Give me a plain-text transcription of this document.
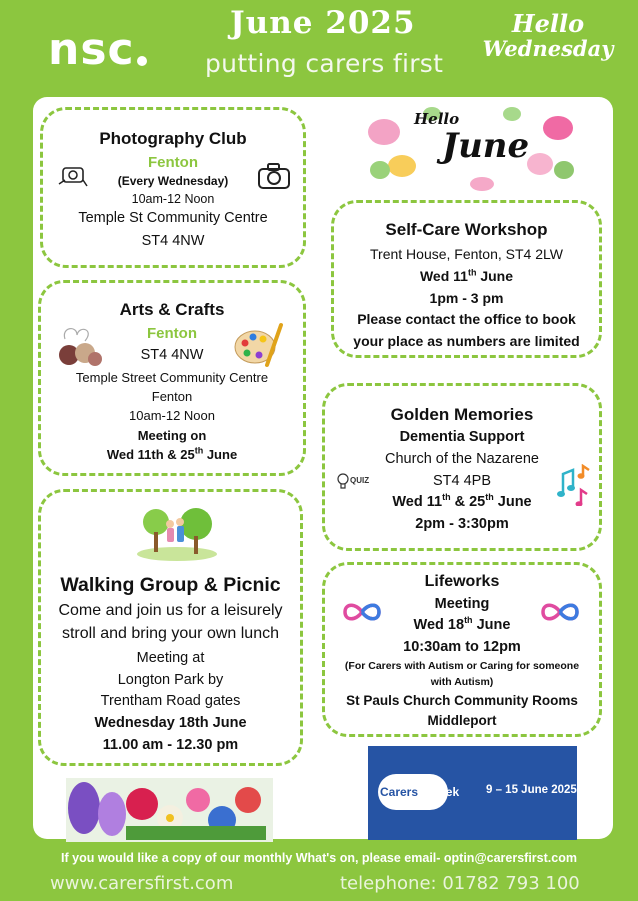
nsc	putting carers first
June 2025	Hello
Wednesday
Hello
June
Photography Club
Fenton
(Every Wednesday)
10am-12 Noon
Temple St Community Centre
ST4 4NW
Self-Care Workshop
Trent House, Fenton, ST4 2LW
Wed 11th June
1pm - 3 pm
Please contact the office to book
your place as numbers are limited
Arts & Crafts
Fenton
ST4 4NW
Temple Street Community Centre
Fenton
10am-12 Noon
Meeting on
Wed 11th & 25th June
Golden Memories
Dementia Support
Church of the Nazarene
ST4 4PB
Wed 11th & 25th June
2pm - 3:30pm
QUIZ
Walking Group & Picnic
Come and join us for a leisurely
stroll and bring your own lunch
Meeting at
Longton Park by
Trentham Road gates
Wednesday 18th June
11.00 am - 12.30 pm
Lifeworks
Meeting
Wed 18th June
10:30am to 12pm
(For Carers with Autism or Caring for someone
with Autism)
St Pauls Church Community Rooms
Middleport
Carers Week 9 – 15 June 2025
If you would like a copy of our monthly What's on, please email- optin@carersfirst.com
www.carersfirst.com	telephone: 01782 793 100
